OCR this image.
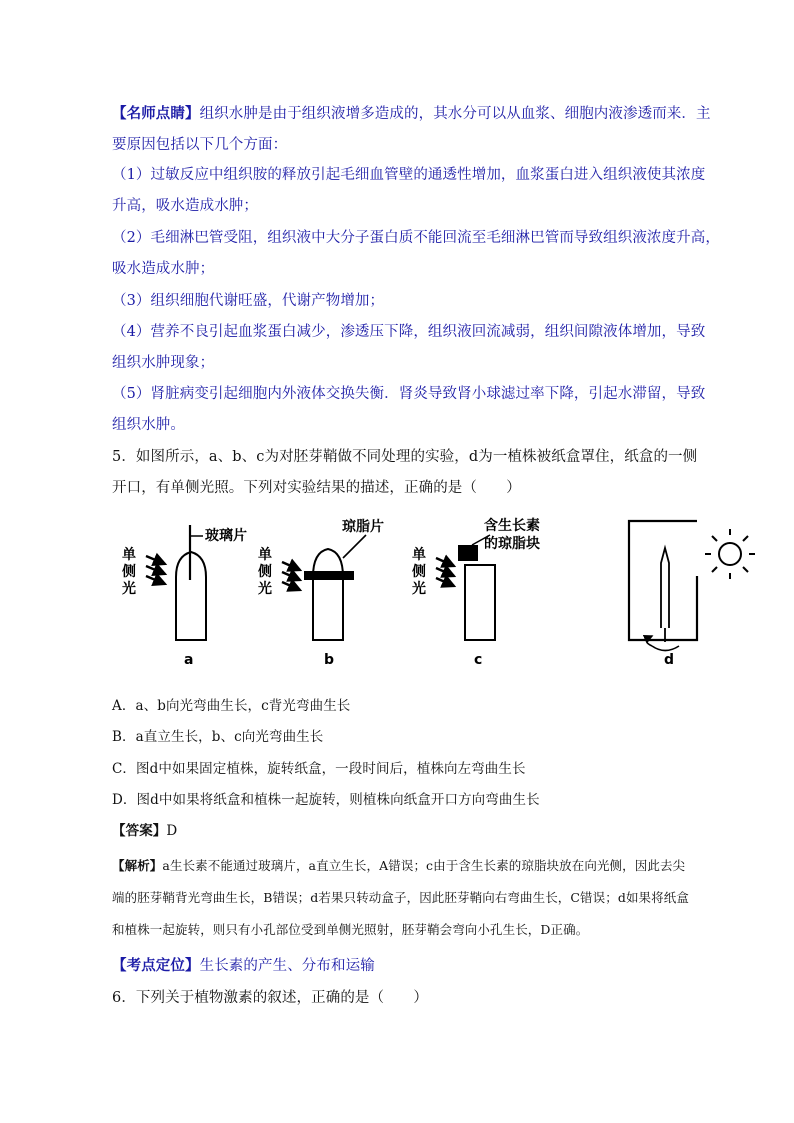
【名师点睛】组织水肿是由于组织液增多造成的，其水分可以从血浆、细胞内液渗透而来．主
要原因包括以下几个方面：
（1）过敏反应中组织胺的释放引起毛细血管壁的通透性增加，血浆蛋白进入组织液使其浓度
升高，吸水造成水肿；
（2）毛细淋巴管受阻，组织液中大分子蛋白质不能回流至毛细淋巴管而导致组织液浓度升高，
吸水造成水肿；
（3）组织细胞代谢旺盛，代谢产物增加；
（4）营养不良引起血浆蛋白减少，渗透压下降，组织液回流减弱，组织间隙液体增加，导致
组织水肿现象；
（5）肾脏病变引起细胞内外液体交换失衡．肾炎导致肾小球滤过率下降，引起水滞留，导致
组织水肿。
5．如图所示，a、b、c为对胚芽鞘做不同处理的实验，d为一植株被纸盒罩住，纸盒的一侧
开口，有单侧光照。下列对实验结果的描述，正确的是（　　）
单
侧
光
玻璃片
a
单
侧
光
琼脂片
b
单
侧
光
含生长素
的琼脂块
c	d
A．a、b向光弯曲生长，c背光弯曲生长
B．a直立生长，b、c向光弯曲生长
C．图d中如果固定植株，旋转纸盒，一段时间后，植株向左弯曲生长
D．图d中如果将纸盒和植株一起旋转，则植株向纸盒开口方向弯曲生长
【答案】D
【解析】a生长素不能通过玻璃片，a直立生长，A错误；c由于含生长素的琼脂块放在向光侧，因此去尖
端的胚芽鞘背光弯曲生长，B错误；d若果只转动盒子，因此胚芽鞘向右弯曲生长，C错误；d如果将纸盒
和植株一起旋转，则只有小孔部位受到单侧光照射，胚芽鞘会弯向小孔生长，D正确。
【考点定位】生长素的产生、分布和运输
6．下列关于植物激素的叙述，正确的是（　　）
